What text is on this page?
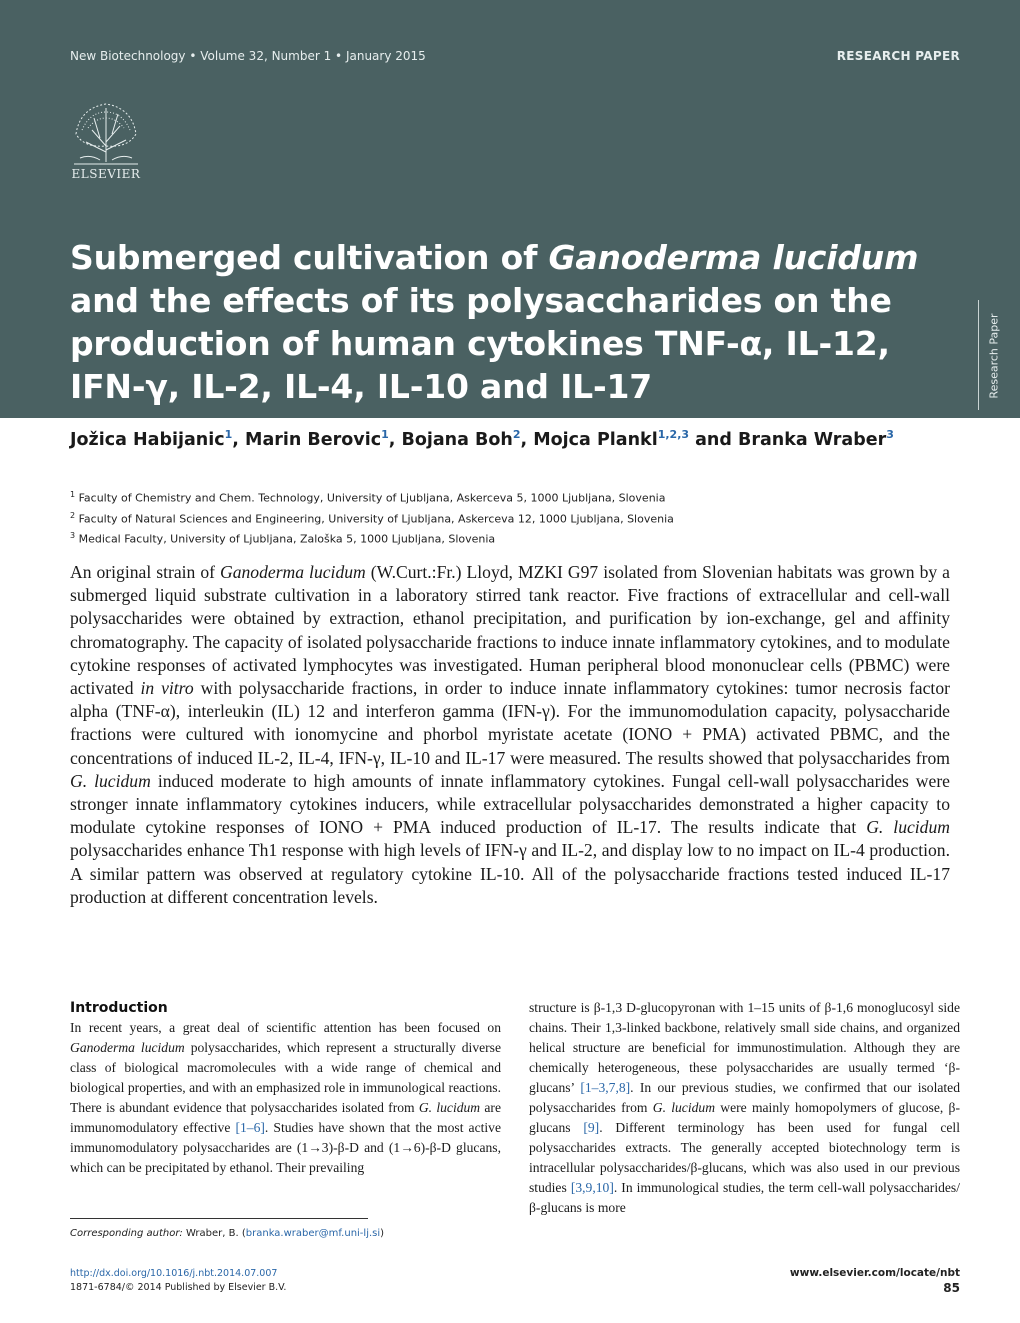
New Biotechnology • Volume 32, Number 1 • January 2015	RESEARCH PAPER
ELSEVIER
Submerged cultivation of Ganoderma lucidum and the effects of its polysaccharides on the production of human cytokines TNF-α, IL-12, IFN-γ, IL-2, IL-4, IL-10 and IL-17	Research Paper
Jožica Habijanic$^1$, Marin Berovic$^1$, Bojana Boh$^2$, Mojca Plankl$^{1,2,3}$ and Branka Wraber$^3$
$^1$ Faculty of Chemistry and Chem. Technology, University of Ljubljana, Askerceva 5, 1000 Ljubljana, Slovenia
$^2$ Faculty of Natural Sciences and Engineering, University of Ljubljana, Askerceva 12, 1000 Ljubljana, Slovenia
$^3$ Medical Faculty, University of Ljubljana, Zaloška 5, 1000 Ljubljana, Slovenia

An original strain of Ganoderma lucidum (W.Curt.:Fr.) Lloyd, MZKI G97 isolated from Slovenian habitats was grown by a submerged liquid substrate cultivation in a laboratory stirred tank reactor. Five fractions of extracellular and cell-wall polysaccharides were obtained by extraction, ethanol precipitation, and purification by ion-exchange, gel and affinity chromatography. The capacity of isolated polysaccharide fractions to induce innate inflammatory cytokines, and to modulate cytokine responses of activated lymphocytes was investigated. Human peripheral blood mononuclear cells (PBMC) were activated in vitro with polysaccharide fractions, in order to induce innate inflammatory cytokines: tumor necrosis factor alpha (TNF-α), interleukin (IL) 12 and interferon gamma (IFN-γ). For the immunomodulation capacity, polysaccharide fractions were cultured with ionomycine and phorbol myristate acetate (IONO + PMA) activated PBMC, and the concentrations of induced IL-2, IL-4, IFN-γ, IL-10 and IL-17 were measured. The results showed that polysaccharides from G. lucidum induced moderate to high amounts of innate inflammatory cytokines. Fungal cell-wall polysaccharides were stronger innate inflammatory cytokines inducers, while extracellular polysaccharides demonstrated a higher capacity to modulate cytokine responses of IONO + PMA induced production of IL-17. The results indicate that G. lucidum polysaccharides enhance Th1 response with high levels of IFN-γ and IL-2, and display low to no impact on IL-4 production. A similar pattern was observed at regulatory cytokine IL-10. All of the polysaccharide fractions tested induced IL-17 production at different concentration levels.

Introduction

In recent years, a great deal of scientific attention has been focused on Ganoderma lucidum polysaccharides, which represent a structurally diverse class of biological macromolecules with a wide range of chemical and biological properties, and with an emphasized role in immunological reactions. There is abundant evidence that polysaccharides isolated from G. lucidum are immunomodulatory effective [1–6]. Studies have shown that the most active immunomodulatory polysaccharides are (1→3)-β-D and (1→6)-β-D glucans, which can be precipitated by ethanol. Their prevailing

structure is β-1,3 D-glucopyronan with 1–15 units of β-1,6 monoglucosyl side chains. Their 1,3-linked backbone, relatively small side chains, and organized helical structure are beneficial for immunostimulation. Although they are chemically heterogeneous, these polysaccharides are usually termed ‘β-glucans’ [1–3,7,8]. In our previous studies, we confirmed that our isolated polysaccharides from G. lucidum were mainly homopolymers of glucose, β-glucans [9]. Different terminology has been used for fungal cell polysaccharides extracts. The generally accepted biotechnology term is intracellular polysaccharides/β-glucans, which was also used in our previous studies [3,9,10]. In immunological studies, the term cell-wall polysaccharides/β-glucans is more

Corresponding author: Wraber, B. (branka.wraber@mf.uni-lj.si)
http://dx.doi.org/10.1016/j.nbt.2014.07.007
1871-6784/© 2014 Published by Elsevier B.V.
www.elsevier.com/locate/nbt
85
